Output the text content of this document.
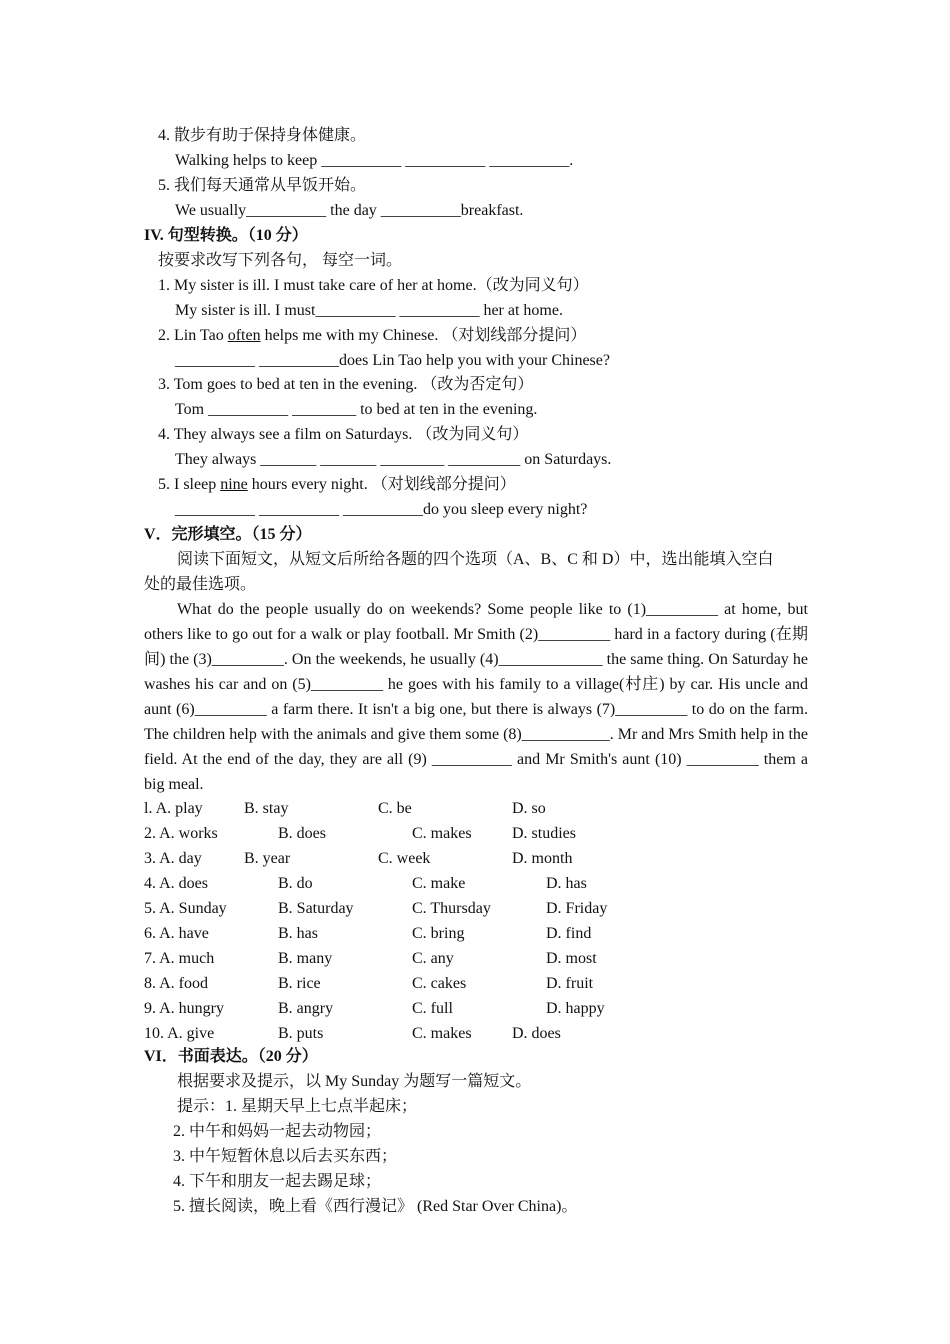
4. 散步有助于保持身体健康。
Walking helps to keep __________ __________ __________.
5. 我们每天通常从早饭开始。
We usually__________ the day __________breakfast.
IV. 句型转换。（10 分）
按要求改写下列各句， 每空一词。
1. My sister is ill. I must take care of her at home.（改为同义句）
My sister is ill. I must__________ __________ her at home.
2. Lin Tao often helps me with my Chinese. （对划线部分提问）
__________ __________does Lin Tao help you with your Chinese?
3. Tom goes to bed at ten in the evening. （改为否定句）
Tom __________ ________ to bed at ten in the evening.
4. They always see a film on Saturdays. （改为同义句）
They always _______ _______ ________ _________ on Saturdays.
5. I sleep nine hours every night. （对划线部分提问）
__________ __________ __________do you sleep every night?
V．完形填空。（15 分）
阅读下面短文，从短文后所给各题的四个选项（A、B、C 和 D）中，选出能填入空白
处的最佳选项。
What do the people usually do on weekends? Some people like to (1)_________ at home, but others like to go out for a walk or play football. Mr Smith (2)_________ hard in a factory during (在期间) the (3)_________. On the weekends, he usually (4)_____________ the same thing. On Saturday he washes his car and on (5)_________ he goes with his family to a village(村庄) by car. His uncle and aunt (6)_________ a farm there. It isn't a big one, but there is always (7)_________ to do on the farm. The children help with the animals and give them some (8)___________. Mr and Mrs Smith help in the field. At the end of the day, they are all (9) __________ and Mr Smith's aunt (10) _________ them a big meal.
l. A. play	B. stay	C. be	D. so
2. A. works	B. does	C. makes	D. studies
3. A. day	B. year	C. week	D. month
4. A. does	B. do	C. make	D. has
5. A. Sunday	B. Saturday	C. Thursday	D. Friday
6. A. have	B. has	C. bring	D. find
7. A. much	B. many	C. any	D. most
8. A. food	B. rice	C. cakes	D. fruit
9. A. hungry	B. angry	C. full	D. happy
10. A. give	B. puts	C. makes	D. does
VI．书面表达。（20 分）
根据要求及提示，以 My Sunday 为题写一篇短文。
提示：1. 星期天早上七点半起床；
2. 中午和妈妈一起去动物园；
3. 中午短暂休息以后去买东西；
4. 下午和朋友一起去踢足球；
5. 擅长阅读，晚上看《西行漫记》 (Red Star Over China)。
